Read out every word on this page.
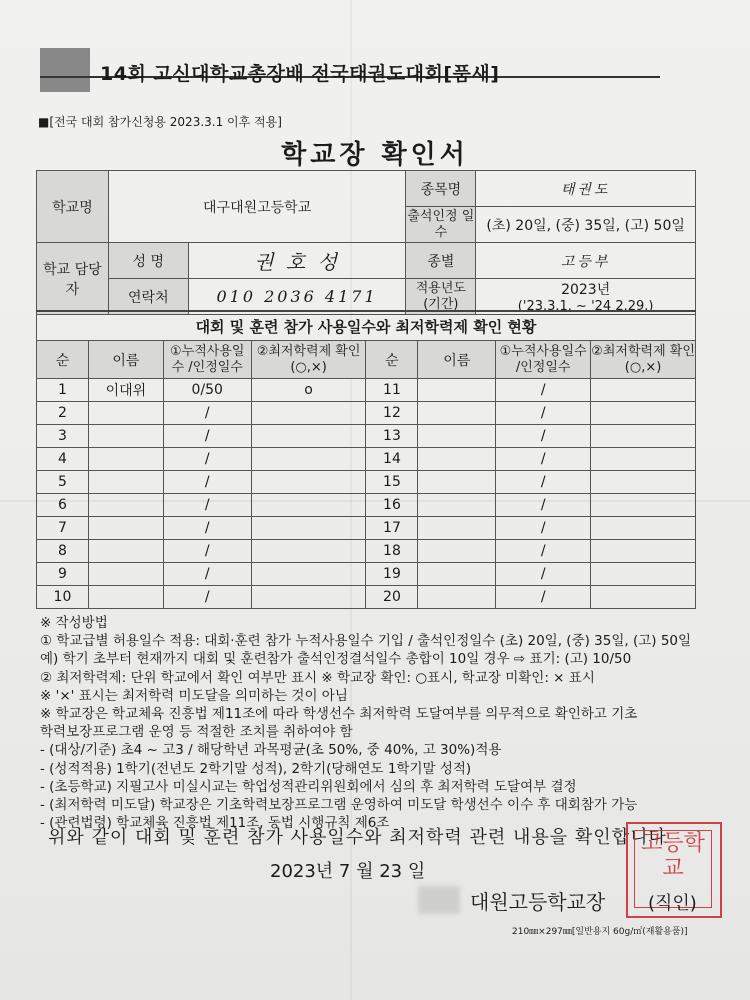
14회 고신대학교총장배 전국태권도대회[품새]
■[전국 대회 참가신청용 2023.3.1 이후 적용]
학교장 확인서
학교명	대구대원고등학교		종목명	태권도
			출석인정 일수	(초) 20일, (중) 35일, (고) 50일
학교 담당자	성 명	권 호 성	종별	고등부
	연락처	010 2036 4171	적용년도 (기간)	2023년
('23.3.1. ~ '24 2.29.)
대회 및 훈련 참가 사용일수와 최저학력제 확인 현황							
순	이름	①누적사용일수 /인정일수	②최저학력제 확인(○,×)	순	이름	①누적사용일수 /인정일수	②최저학력제 확인(○,×)
1	이대위	0/50	o	11		/	
2		/		12		/	
3		/		13		/	
4		/		14		/	
5		/		15		/	
6		/		16		/	
7		/		17		/	
8		/		18		/	
9		/		19		/	
10		/		20		/	
※ 작성방법
① 학교급별 허용일수 적용: 대회·훈련 참가 누적사용일수 기입 / 출석인정일수 (초) 20일, (중) 35일, (고) 50일
예) 학기 초부터 현재까지 대회 및 훈련참가 출석인정결석일수 총합이 10일 경우 ⇨ 표기: (고) 10/50
② 최저학력제: 단위 학교에서 확인 여부만 표시 ※ 학교장 확인: ○표시, 학교장 미확인: × 표시
※ '×' 표시는 최저학력 미도달을 의미하는 것이 아님
※ 학교장은 학교체육 진흥법 제11조에 따라 학생선수 최저학력 도달여부를 의무적으로 확인하고 기초
학력보장프로그램 운영 등 적절한 조치를 취하여야 함
- (대상/기준) 초4 ~ 고3 / 해당학년 과목평균(초 50%, 중 40%, 고 30%)적용
- (성적적용) 1학기(전년도 2학기말 성적), 2학기(당해연도 1학기말 성적)
- (초등학교) 지필고사 미실시교는 학업성적관리위원회에서 심의 후 최저학력 도달여부 결정
- (최저학력 미도달) 학교장은 기초학력보장프로그램 운영하여 미도달 학생선수 이수 후 대회참가 가능
- (관련법령) 학교체육 진흥법 제11조, 동법 시행규칙 제6조
위와 같이 대회 및 훈련 참가 사용일수와 최저학력 관련 내용을 확인합니다
2023년 7 월 23 일
대원고등학교장
고등학교
(직인)
210㎜×297㎜[일반용지 60g/㎡(재활용품)]
